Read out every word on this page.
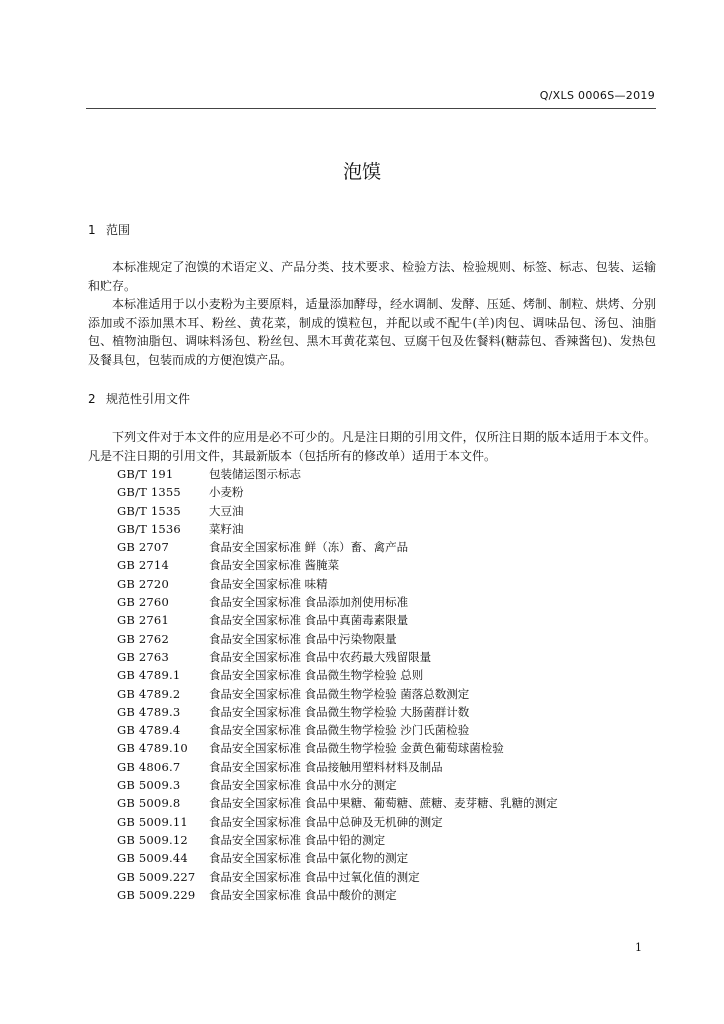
Q/XLS 0006S—2019
泡馍
1 范围

本标准规定了泡馍的术语定义、产品分类、技术要求、检验方法、检验规则、标签、标志、包装、运输和贮存。

本标准适用于以小麦粉为主要原料，适量添加酵母，经水调制、发酵、压延、烤制、制粒、烘烤、分别添加或不添加黑木耳、粉丝、黄花菜，制成的馍粒包，并配以或不配牛(羊)肉包、调味品包、汤包、油脂包、植物油脂包、调味料汤包、粉丝包、黑木耳黄花菜包、豆腐干包及佐餐料(糖蒜包、香辣酱包)、发热包及餐具包，包装而成的方便泡馍产品。

2 规范性引用文件

下列文件对于本文件的应用是必不可少的。凡是注日期的引用文件，仅所注日期的版本适用于本文件。凡是不注日期的引用文件，其最新版本（包括所有的修改单）适用于本文件。

GB/T 191	包装储运图示标志
GB/T 1355 小麦粉
GB/T 1535 大豆油
GB/T 1536 菜籽油
GB 2707	食品安全国家标准 鲜（冻）畜、禽产品
GB 2714	食品安全国家标准 酱腌菜
GB 2720	食品安全国家标准 味精
GB 2760	食品安全国家标准 食品添加剂使用标准
GB 2761	食品安全国家标准 食品中真菌毒素限量
GB 2762	食品安全国家标准 食品中污染物限量
GB 2763	食品安全国家标准 食品中农药最大残留限量
GB 4789.1 食品安全国家标准 食品微生物学检验 总则
GB 4789.2 食品安全国家标准 食品微生物学检验 菌落总数测定
GB 4789.3 食品安全国家标准 食品微生物学检验 大肠菌群计数
GB 4789.4 食品安全国家标准 食品微生物学检验 沙门氏菌检验
GB 4789.10 食品安全国家标准 食品微生物学检验 金黄色葡萄球菌检验
GB 4806.7 食品安全国家标准 食品接触用塑料材料及制品
GB 5009.3 食品安全国家标准 食品中水分的测定
GB 5009.8 食品安全国家标准 食品中果糖、葡萄糖、蔗糖、麦芽糖、乳糖的测定
GB 5009.11 食品安全国家标准 食品中总砷及无机砷的测定
GB 5009.12 食品安全国家标准 食品中铅的测定
GB 5009.44 食品安全国家标准 食品中氯化物的测定
GB 5009.227 食品安全国家标准 食品中过氧化值的测定
GB 5009.229 食品安全国家标准 食品中酸价的测定
1
